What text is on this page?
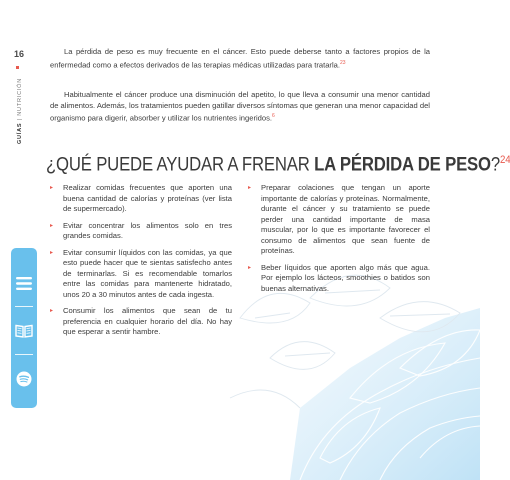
16
GUÍAS | NUTRICIÓN
La pérdida de peso es muy frecuente en el cáncer. Esto puede deberse tanto a factores propios de la enfermedad como a efectos derivados de las terapias médicas utilizadas para tratarla.$^{23}$
Habitualmente el cáncer produce una disminución del apetito, lo que lleva a consumir una menor cantidad de alimentos. Además, los tratamientos pueden gatillar diversos síntomas que generan una menor capacidad del organismo para digerir, absorber y utilizar los nutrientes ingeridos.$^6$
¿QUÉ PUEDE AYUDAR A FRENAR LA PÉRDIDA DE PESO?$^{24}$
▸ Realizar comidas frecuentes que aporten una buena cantidad de calorías y proteínas (ver lista de supermercado).
▸ Evitar concentrar los alimentos solo en tres grandes comidas.
▸ Evitar consumir líquidos con las comidas, ya que esto puede hacer que te sientas satisfecho antes de terminarlas. Si es recomendable tomarlos entre las comidas para mantenerte hidratado, unos 20 a 30 minutos antes de cada ingesta.
▸ Consumir los alimentos que sean de tu preferencia en cualquier horario del día. No hay que esperar a sentir hambre.
▸ Preparar colaciones que tengan un aporte importante de calorías y proteínas. Normalmente, durante el cáncer y su tratamiento se puede perder una cantidad importante de masa muscular, por lo que es importante favorecer el consumo de alimentos que sean fuente de proteínas.
▸ Beber líquidos que aporten algo más que agua. Por ejemplo los lácteos, smoothies o batidos son buenas alternativas.
